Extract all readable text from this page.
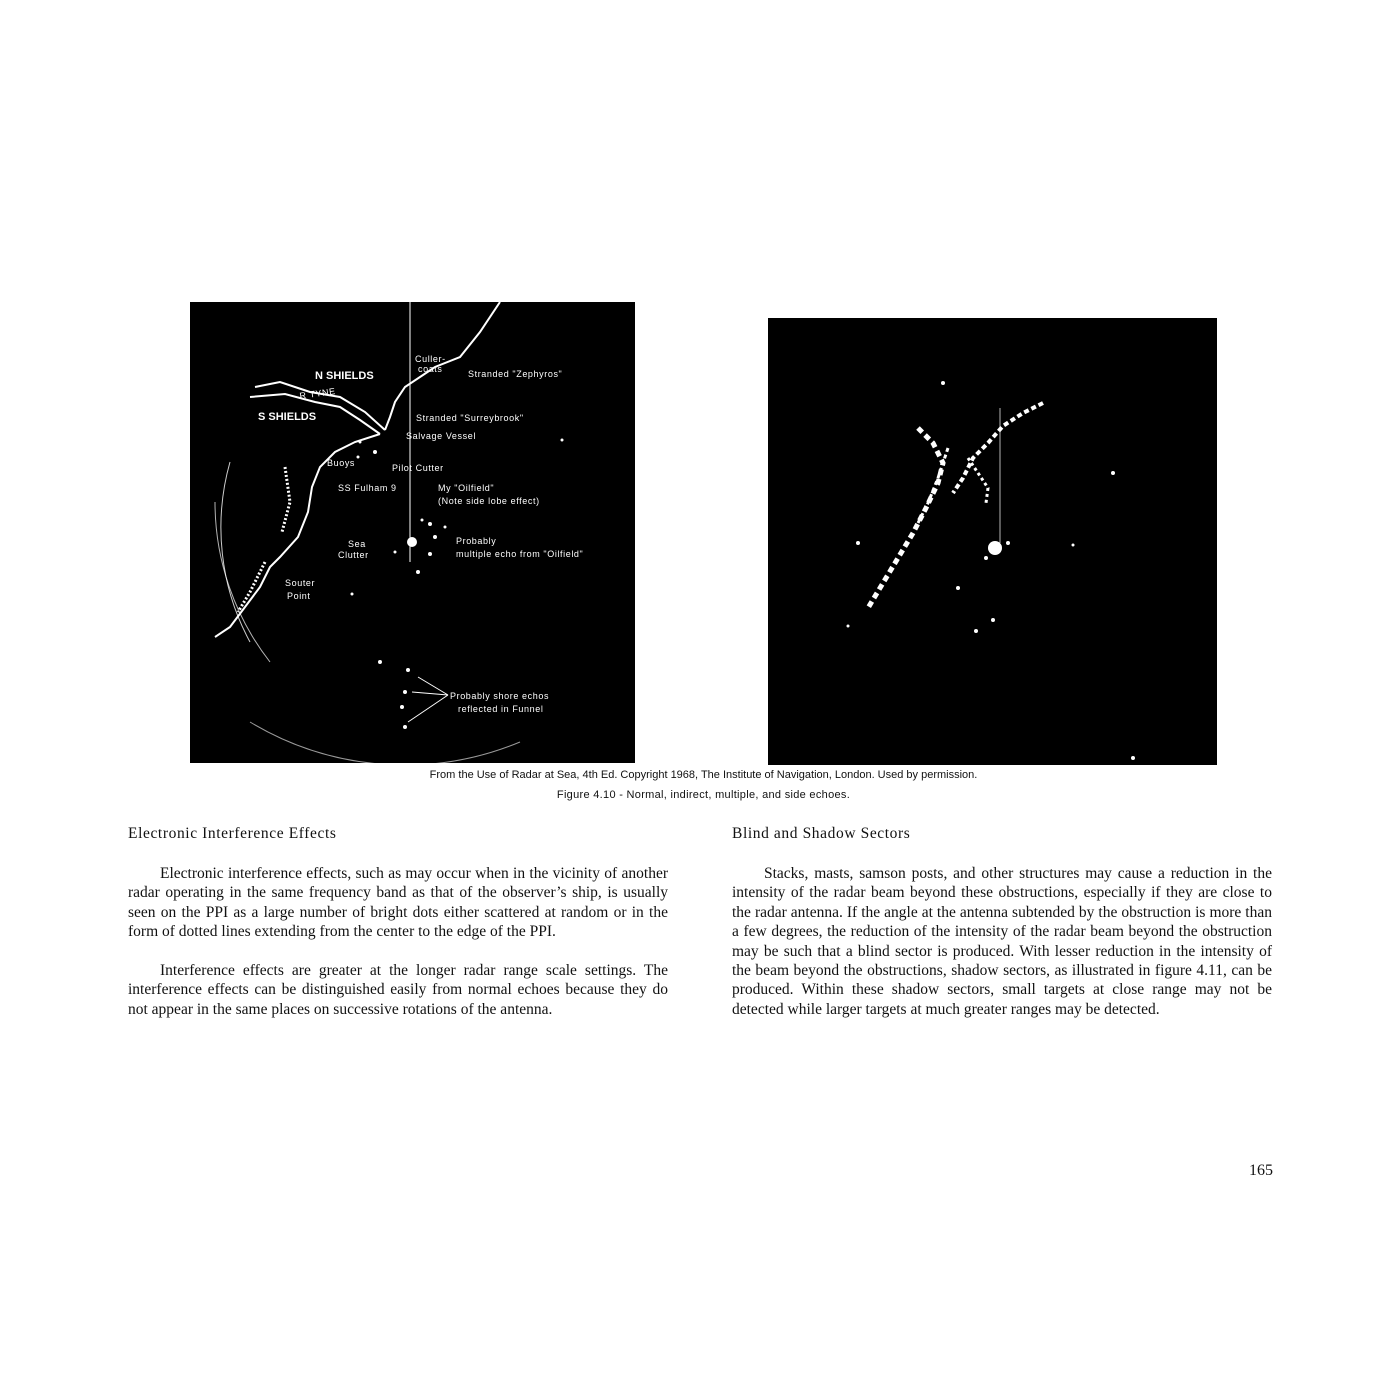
N SHIELDS
R TYNE
S SHIELDS
Culler-
coats	Stranded "Zephyros"
Stranded "Surreybrook"
Salvage Vessel
Buoys	Pilot Cutter
SS Fulham 9	My "Oilfield"
(Note side lobe effect)
Sea
Clutter
Probably
multiple echo from "Oilfield"
Souter
Point
Probably shore echos
reflected in Funnel
From the Use of Radar at Sea, 4th Ed. Copyright 1968, The Institute of Navigation, London. Used by permission.
Figure 4.10 - Normal, indirect, multiple, and side echoes.
Electronic Interference Effects

Electronic interference effects, such as may occur when in the vicinity of another radar operating in the same frequency band as that of the observer’s ship, is usually seen on the PPI as a large number of bright dots either scattered at random or in the form of dotted lines extending from the center to the edge of the PPI.

Interference effects are greater at the longer radar range scale settings. The interference effects can be distinguished easily from normal echoes because they do not appear in the same places on successive rotations of the antenna.

Blind and Shadow Sectors

Stacks, masts, samson posts, and other structures may cause a reduction in the intensity of the radar beam beyond these obstructions, especially if they are close to the radar antenna. If the angle at the antenna subtended by the obstruction is more than a few degrees, the reduction of the intensity of the radar beam beyond the obstruction may be such that a blind sector is produced. With lesser reduction in the intensity of the beam beyond the obstructions, shadow sectors, as illustrated in figure 4.11, can be produced. Within these shadow sectors, small targets at close range may not be detected while larger targets at much greater ranges may be detected.

165
